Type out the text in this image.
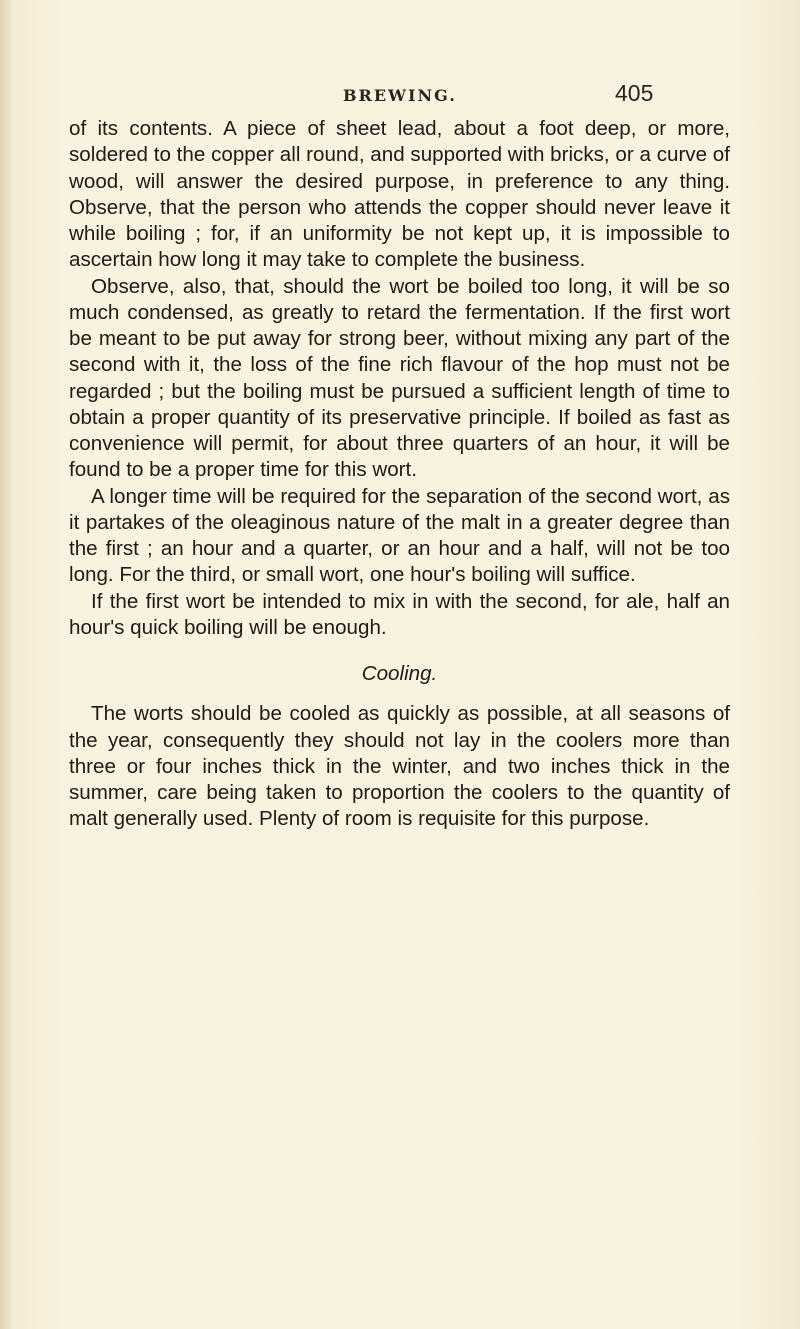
BREWING.	405

of its contents. A piece of sheet lead, about a foot deep, or more, soldered to the copper all round, and supported with bricks, or a curve of wood, will answer the desired purpose, in preference to any thing. Observe, that the person who attends the copper should never leave it while boiling ; for, if an uniformity be not kept up, it is impossible to ascertain how long it may take to complete the business.

Observe, also, that, should the wort be boiled too long, it will be so much condensed, as greatly to retard the fermentation. If the first wort be meant to be put away for strong beer, without mixing any part of the second with it, the loss of the fine rich flavour of the hop must not be regarded ; but the boiling must be pursued a sufficient length of time to obtain a proper quantity of its preservative principle. If boiled as fast as convenience will permit, for about three quarters of an hour, it will be found to be a proper time for this wort.

A longer time will be required for the separation of the second wort, as it partakes of the oleaginous nature of the malt in a greater degree than the first ; an hour and a quarter, or an hour and a half, will not be too long. For the third, or small wort, one hour's boiling will suffice.

If the first wort be intended to mix in with the second, for ale, half an hour's quick boiling will be enough.

Cooling.

The worts should be cooled as quickly as possible, at all seasons of the year, consequently they should not lay in the coolers more than three or four inches thick in the winter, and two inches thick in the summer, care being taken to proportion the coolers to the quantity of malt generally used. Plenty of room is requisite for this purpose.
